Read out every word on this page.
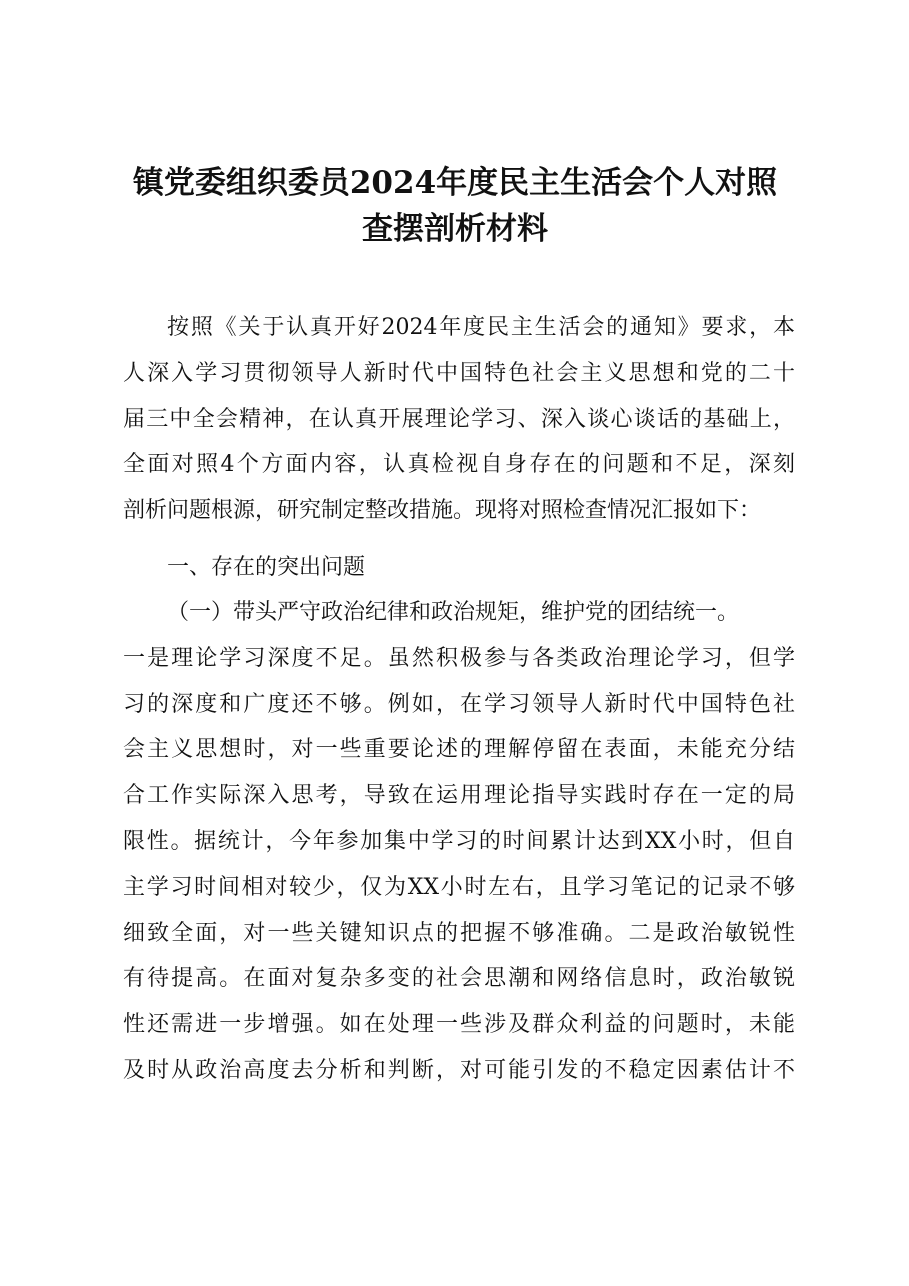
镇党委组织委员2024年度民主生活会个人对照
查摆剖析材料
按照《关于认真开好2024年度民主生活会的通知》要求，本
人深入学习贯彻领导人新时代中国特色社会主义思想和党的二十
届三中全会精神，在认真开展理论学习、深入谈心谈话的基础上，
全面对照4个方面内容，认真检视自身存在的问题和不足，深刻
剖析问题根源，研究制定整改措施。现将对照检查情况汇报如下：
一、存在的突出问题
（一）带头严守政治纪律和政治规矩，维护党的团结统一。
一是理论学习深度不足。虽然积极参与各类政治理论学习，但学
习的深度和广度还不够。例如，在学习领导人新时代中国特色社
会主义思想时，对一些重要论述的理解停留在表面，未能充分结
合工作实际深入思考，导致在运用理论指导实践时存在一定的局
限性。据统计，今年参加集中学习的时间累计达到XX小时，但自
主学习时间相对较少，仅为XX小时左右，且学习笔记的记录不够
细致全面，对一些关键知识点的把握不够准确。二是政治敏锐性
有待提高。在面对复杂多变的社会思潮和网络信息时，政治敏锐
性还需进一步增强。如在处理一些涉及群众利益的问题时，未能
及时从政治高度去分析和判断，对可能引发的不稳定因素估计不
